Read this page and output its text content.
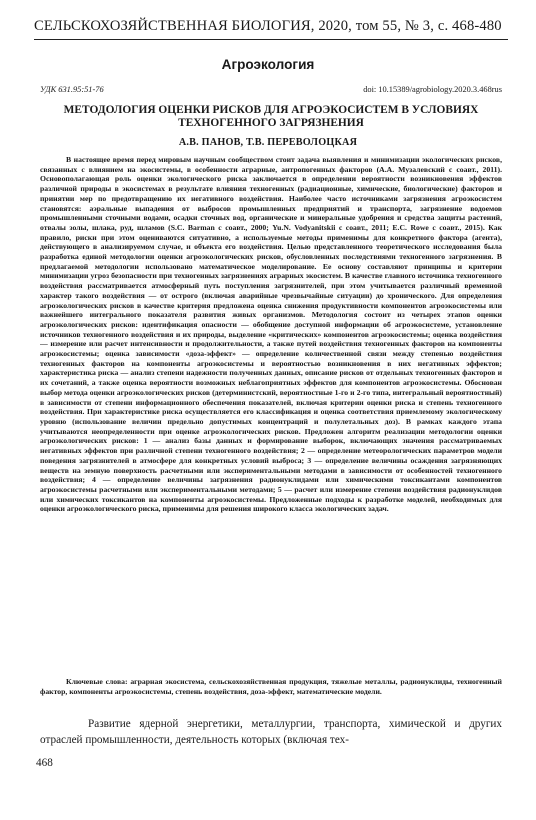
СЕЛЬСКОХОЗЯЙСТВЕННАЯ БИОЛОГИЯ, 2020, том 55, № 3, с. 468-480
Агроэкология
УДК 631.95:51-76	doi: 10.15389/agrobiology.2020.3.468rus
МЕТОДОЛОГИЯ ОЦЕНКИ РИСКОВ ДЛЯ АГРОЭКОСИСТЕМ В УСЛОВИЯХ ТЕХНОГЕННОГО ЗАГРЯЗНЕНИЯ
А.В. ПАНОВ, Т.В. ПЕРЕВОЛОЦКАЯ

В настоящее время перед мировым научным сообществом стоит задача выявления и минимизации экологических рисков, связанных с влиянием на экосистемы, в особенности аграрные, антропогенных факторов (А.А. Музалевский с соавт., 2011). Основополагающая роль оценки экологического риска заключается в определении вероятности возникновения эффектов различной природы в экосистемах в результате влияния техногенных (радиационные, химические, биологические) факторов и принятии мер по предотвращению их негативного воздействия. Наиболее часто источниками загрязнения агроэкосистем становятся: аэральные выпадения от выбросов промышленных предприятий и транспорта, загрязнение водоемов промышленными сточными водами, осадки сточных вод, органические и минеральные удобрения и средства защиты растений, отвалы золы, шлака, руд, шламов (S.C. Barman с соавт., 2000; Yu.N. Vodyanitskii с соавт., 2011; E.C. Rowe с соавт., 2015). Как правило, риски при этом оцениваются ситуативно, а используемые методы применимы для конкретного фактора (агента), действующего в анализируемом случае, и объекта его воздействия. Целью представленного теоретического исследования была разработка единой методологии оценки агроэкологических рисков, обусловленных последствиями техногенного загрязнения. В предлагаемой методологии использовано математическое моделирование. Ее основу составляют принципы и критерии минимизации угроз безопасности при техногенных загрязнениях аграрных экосистем. В качестве главного источника техногенного воздействия рассматривается атмосферный путь поступления загрязнителей, при этом учитывается различный временной характер такого воздействия — от острого (включая аварийные чрезвычайные ситуации) до хронического. Для определения агроэкологических рисков в качестве критерия предложена оценка снижения продуктивности компонентов агроэкосистемы или важнейшего интегрального показателя развития живых организмов. Методология состоит из четырех этапов оценки агроэкологических рисков: идентификация опасности — обобщение доступной информации об агроэкосистеме, установление источников техногенного воздействия и их природы, выделение «критических» компонентов агроэкосистемы; оценка воздействия — измерение или расчет интенсивности и продолжительности, а также путей воздействия техногенных факторов на компоненты агроэкосистемы; оценка зависимости «доза-эффект» — определение количественной связи между степенью воздействия техногенных факторов на компоненты агроэкосистемы и вероятностью возникновения в них негативных эффектов; характеристика риска — анализ степени надежности полученных данных, описание рисков от отдельных техногенных факторов и их сочетаний, а также оценка вероятности возможных неблагоприятных эффектов для компонентов агроэкосистемы. Обоснован выбор метода оценки агроэкологических рисков (детерминистский, вероятностные 1-го и 2-го типа, интегральный вероятностный) в зависимости от степени информационного обеспечения показателей, включая критерии оценки риска и степень техногенного воздействия. При характеристике риска осуществляется его классификация и оценка соответствия приемлемому экологическому уровню (использование величин предельно допустимых концентраций и полулетальных доз). В рамках каждого этапа учитываются неопределенности при оценке агроэкологических рисков. Предложен алгоритм реализации методологии оценки агроэкологических рисков: 1 — анализ базы данных и формирование выборок, включающих значения рассматриваемых негативных эффектов при различной степени техногенного воздействия; 2 — определение метеорологических параметров модели поведения загрязнителей в атмосфере для конкретных условий выброса; 3 — определение величины осаждения загрязняющих веществ на земную поверхность расчетными или экспериментальными методами в зависимости от особенностей техногенного воздействия; 4 — определение величины загрязнения радионуклидами или химическими токсикантами компонентов агроэкосистемы расчетными или экспериментальными методами; 5 — расчет или измерение степени воздействия радионуклидов или химических токсикантов на компоненты агроэкосистемы. Предложенные подходы к разработке моделей, необходимых для оценки агроэкологического риска, применимы для решения широкого класса экологических задач.

Ключевые слова: аграрная экосистема, сельскохозяйственная продукция, тяжелые металлы, радионуклиды, техногенный фактор, компоненты агроэкосистемы, степень воздействия, доза-эффект, математические модели.

Развитие ядерной энергетики, металлургии, транспорта, химической и других отраслей промышленности, деятельность которых (включая тех-

468
